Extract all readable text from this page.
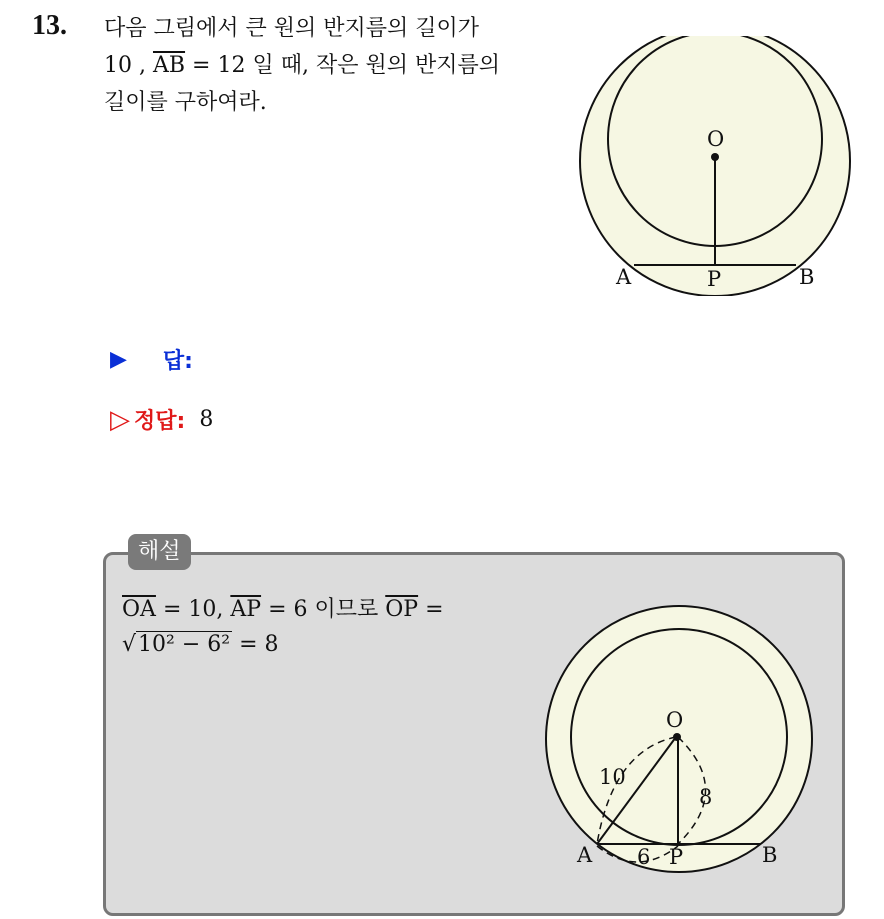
13. 다음 그림에서 큰 원의 반지름의 길이가
10 , $\overline{AB} = 12$ 일 때, 작은 원의 반지름의
길이를 구하여라.
O
A	P	B
▶ 답:
▷ 정답: 8
해설
$\overline{OA} = 10$, $\overline{AP} = 6$ 이므로 $\overline{OP}$ =
√10² − 6² = 8
O
A	P	B
10
8
6
